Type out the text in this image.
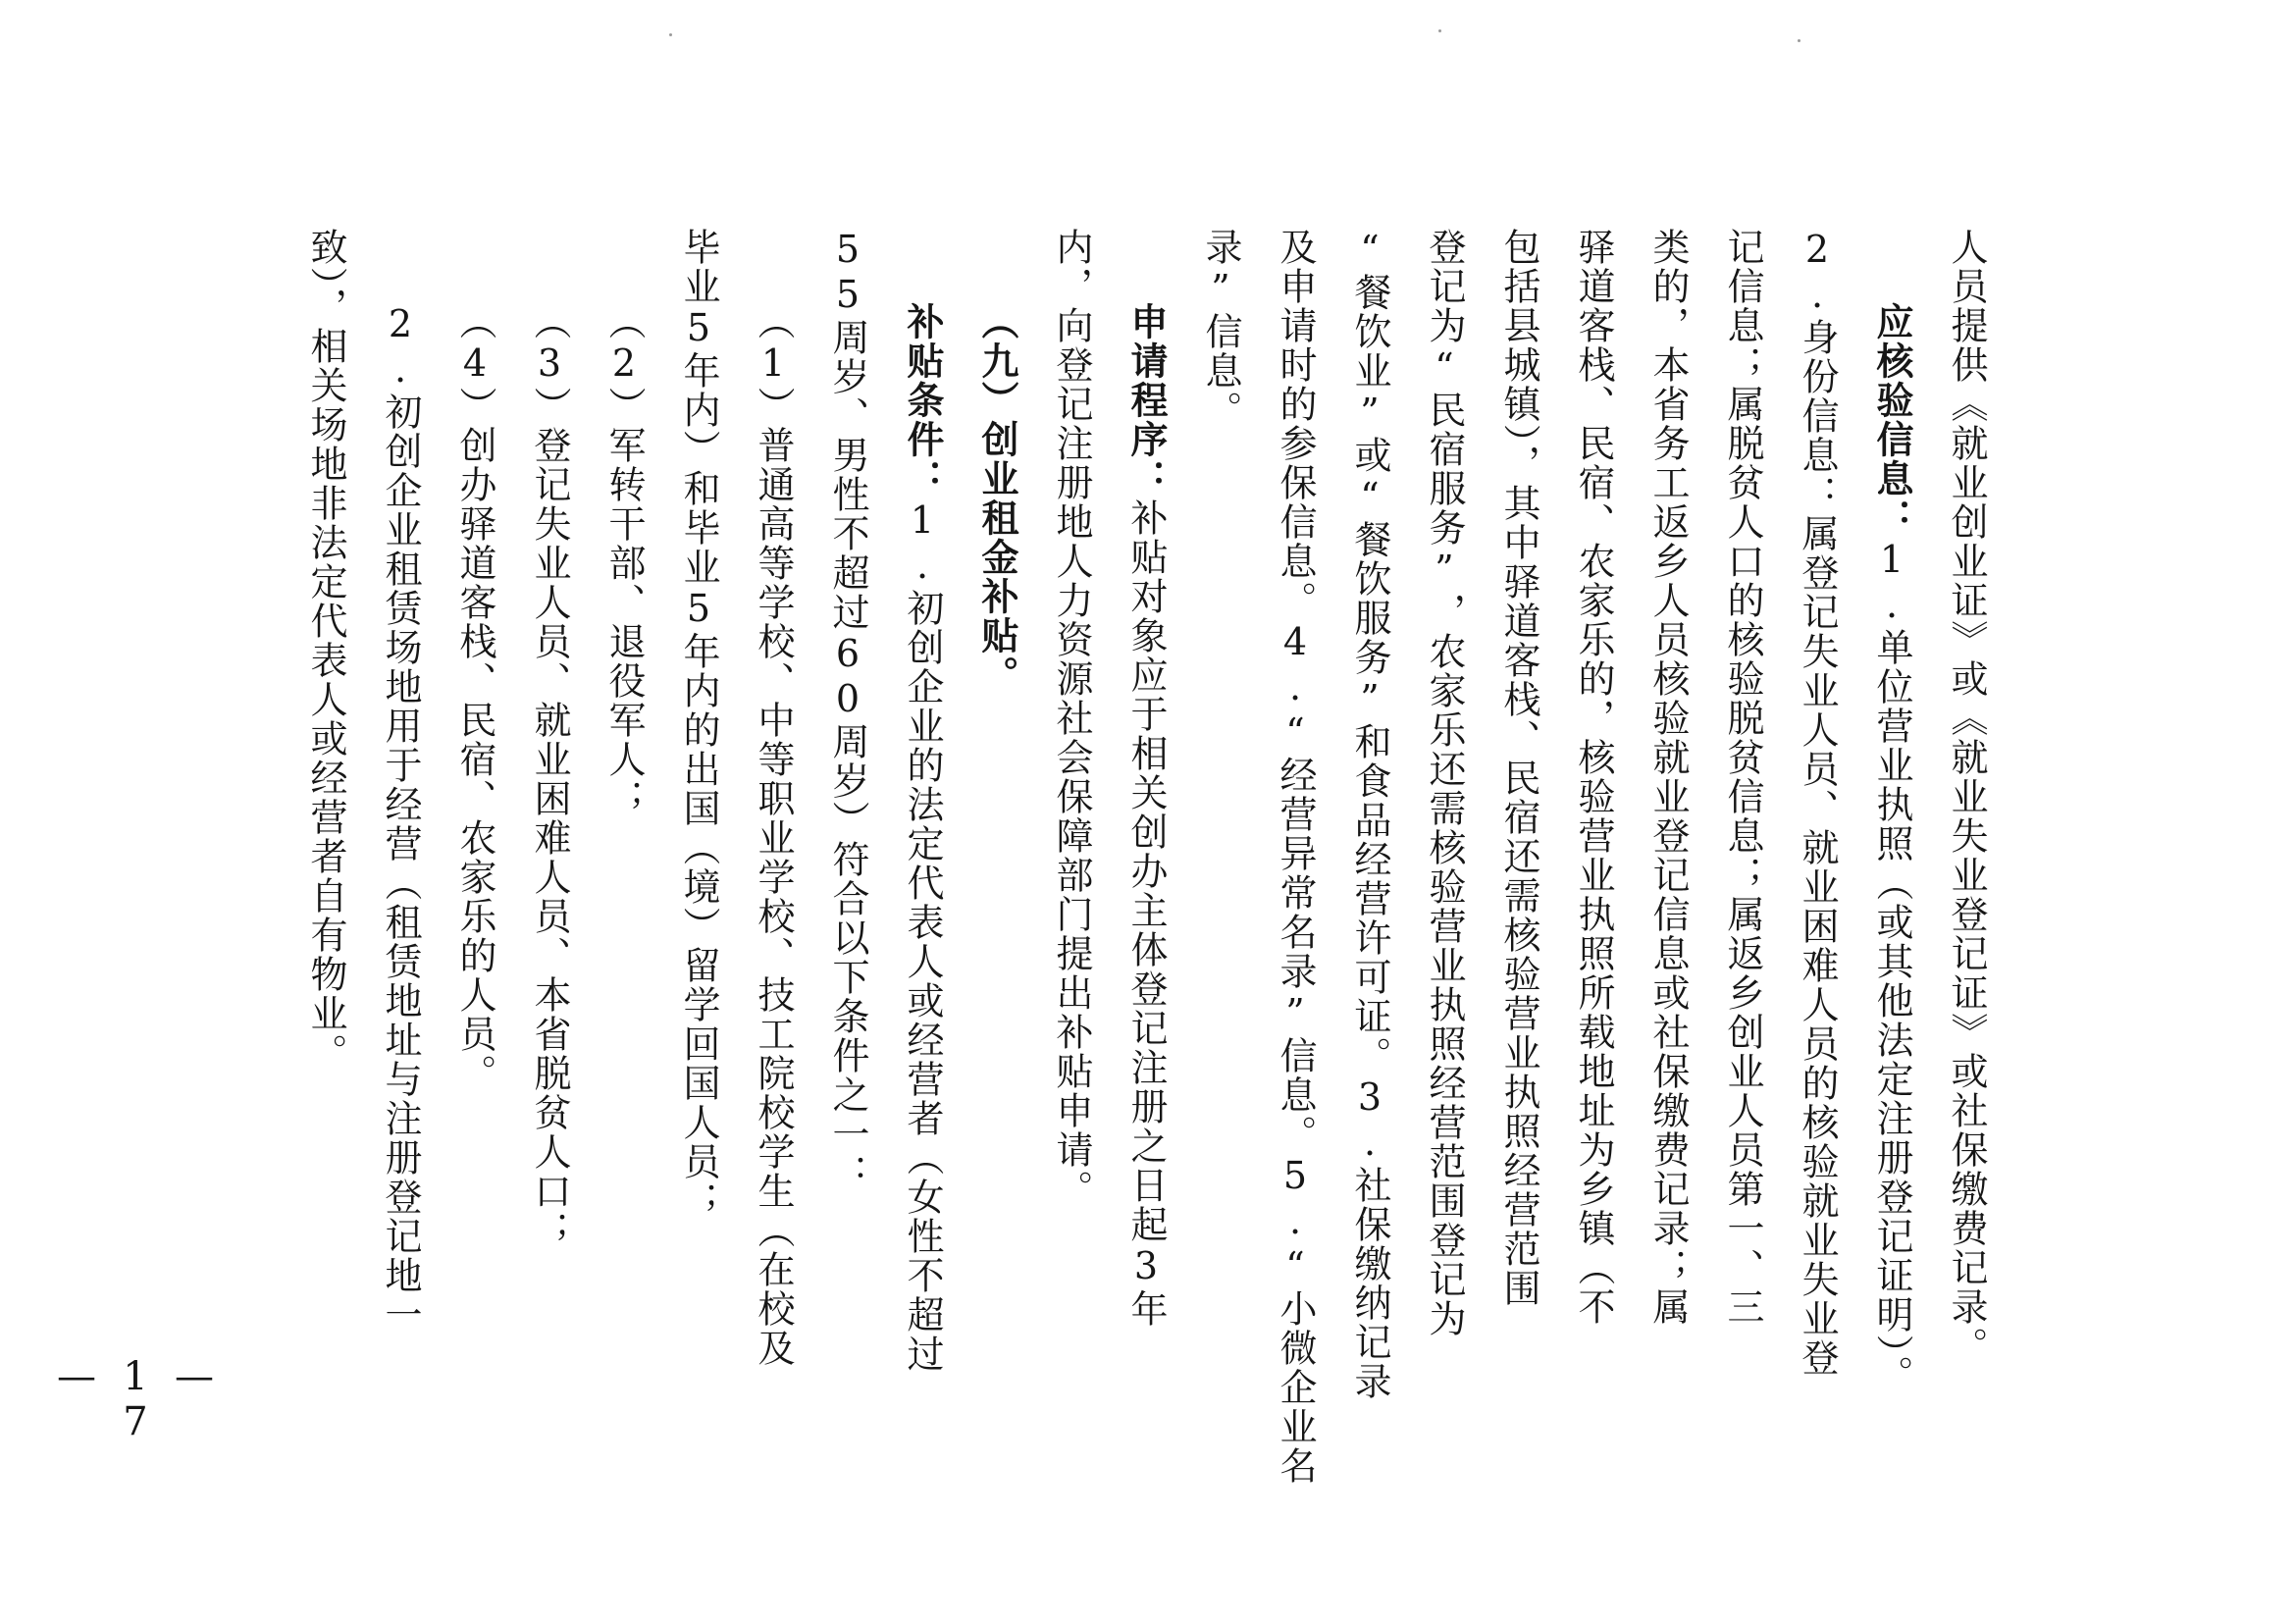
人员提供《就业创业证》或《就业失业登记证》或社保缴费记录。
应核验信息：1.单位营业执照（或其他法定注册登记证明）。
2.身份信息：属登记失业人员、就业困难人员的核验就业失业登
记信息；属脱贫人口的核验脱贫信息；属返乡创业人员第一、三
类的，本省务工返乡人员核验就业登记信息或社保缴费记录；属
驿道客栈、民宿、农家乐的，核验营业执照所载地址为乡镇（不
包括县城镇），其中驿道客栈、民宿还需核验营业执照经营范围
登记为“民宿服务”，农家乐还需核验营业执照经营范围登记为
“餐饮业”或“餐饮服务”和食品经营许可证。3.社保缴纳记录
及申请时的参保信息。4.“经营异常名录”信息。5.“小微企业名
录”信息。
申请程序：补贴对象应于相关创办主体登记注册之日起3年
内，向登记注册地人力资源社会保障部门提出补贴申请。
（九）创业租金补贴。
补贴条件：1.初创企业的法定代表人或经营者（女性不超过
55周岁、男性不超过60周岁）符合以下条件之一：
（1）普通高等学校、中等职业学校、技工院校学生（在校及
毕业5年内）和毕业5年内的出国（境）留学回国人员；
（2）军转干部、退役军人；
（3）登记失业人员、就业困难人员、本省脱贫人口；
（4）创办驿道客栈、民宿、农家乐的人员。
2.初创企业租赁场地用于经营（租赁地址与注册登记地一
致），相关场地非法定代表人或经营者自有物业。
—17—
